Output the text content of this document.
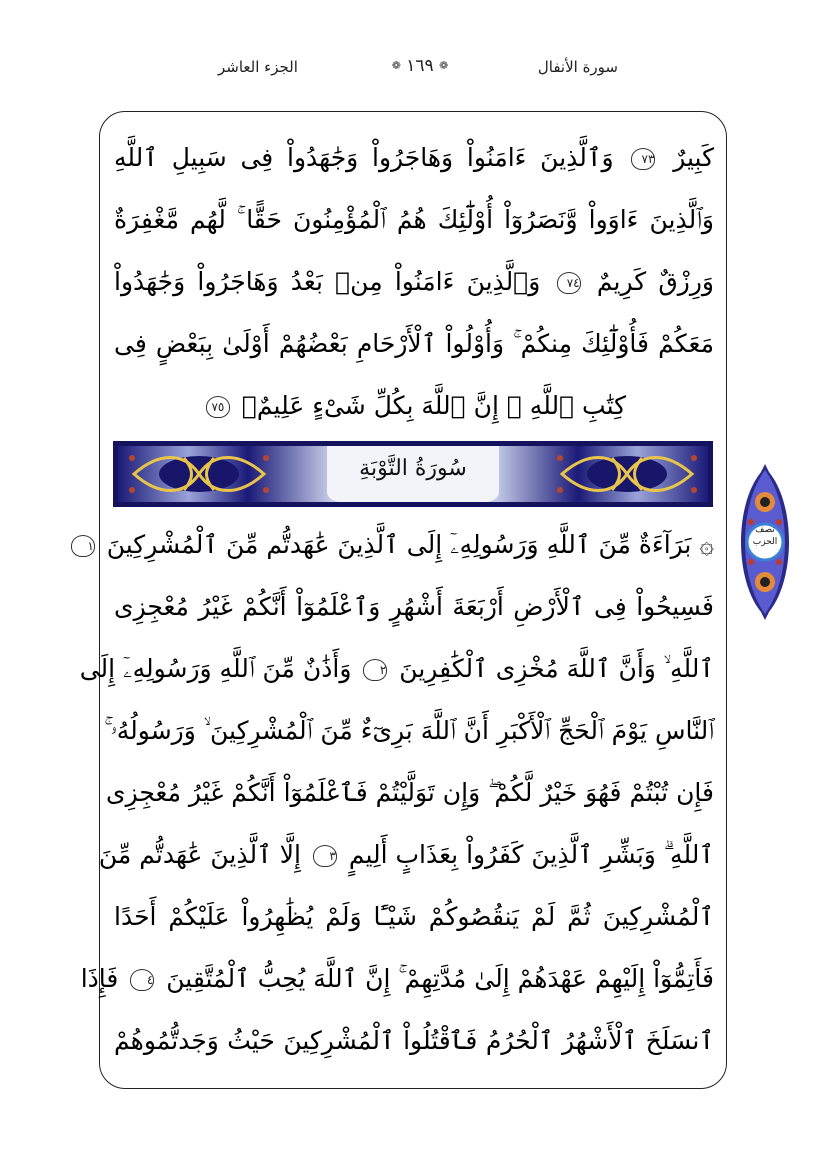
الجزء العاشر	❁ ١٦٩ ❁	سورة الأنفال
كَبِيرٌ ٧٣ وَٱلَّذِينَ ءَامَنُواْ وَهَاجَرُواْ وَجَٰهَدُواْ فِى سَبِيلِ ٱللَّهِ
وَٱلَّذِينَ ءَاوَواْ وَّنَصَرُوٓاْ أُوْلَٰٓئِكَ هُمُ ٱلْمُؤْمِنُونَ حَقًّا ۚ لَّهُم مَّغْفِرَةٌ
وَرِزْقٌ كَرِيمٌ ٧٤ وَٱلَّذِينَ ءَامَنُواْ مِنۢ بَعْدُ وَهَاجَرُواْ وَجَٰهَدُواْ
مَعَكُمْ فَأُوْلَٰٓئِكَ مِنكُمْ ۚ وَأُوْلُواْ ٱلْأَرْحَامِ بَعْضُهُمْ أَوْلَىٰ بِبَعْضٍ فِى
كِتَٰبِ ٱللَّهِ ۗ إِنَّ ٱللَّهَ بِكُلِّ شَىْءٍ عَلِيمٌۢ ٧٥
سُورَةُ التَّوْبَةِ
نصف
الحزب
۞ بَرَآءَةٌ مِّنَ ٱللَّهِ وَرَسُولِهِۦٓ إِلَى ٱلَّذِينَ عَٰهَدتُّم مِّنَ ٱلْمُشْرِكِينَ ١
فَسِيحُواْ فِى ٱلْأَرْضِ أَرْبَعَةَ أَشْهُرٍ وَٱعْلَمُوٓاْ أَنَّكُمْ غَيْرُ مُعْجِزِى
ٱللَّهِ ۙ وَأَنَّ ٱللَّهَ مُخْزِى ٱلْكَٰفِرِينَ ٢ وَأَذَٰنٌ مِّنَ ٱللَّهِ وَرَسُولِهِۦٓ إِلَى
ٱلنَّاسِ يَوْمَ ٱلْحَجِّ ٱلْأَكْبَرِ أَنَّ ٱللَّهَ بَرِىٓءٌ مِّنَ ٱلْمُشْرِكِينَ ۙ وَرَسُولُهُۥ ۚ
فَإِن تُبْتُمْ فَهُوَ خَيْرٌ لَّكُمْ ۖ وَإِن تَوَلَّيْتُمْ فَٱعْلَمُوٓاْ أَنَّكُمْ غَيْرُ مُعْجِزِى
ٱللَّهِ ۗ وَبَشِّرِ ٱلَّذِينَ كَفَرُواْ بِعَذَابٍ أَلِيمٍ ٣ إِلَّا ٱلَّذِينَ عَٰهَدتُّم مِّنَ
ٱلْمُشْرِكِينَ ثُمَّ لَمْ يَنقُصُوكُمْ شَيْـًٔا وَلَمْ يُظَٰهِرُواْ عَلَيْكُمْ أَحَدًا
فَأَتِمُّوٓاْ إِلَيْهِمْ عَهْدَهُمْ إِلَىٰ مُدَّتِهِمْ ۚ إِنَّ ٱللَّهَ يُحِبُّ ٱلْمُتَّقِينَ ٤ فَإِذَا
ٱنسَلَخَ ٱلْأَشْهُرُ ٱلْحُرُمُ فَٱقْتُلُواْ ٱلْمُشْرِكِينَ حَيْثُ وَجَدتُّمُوهُمْ
